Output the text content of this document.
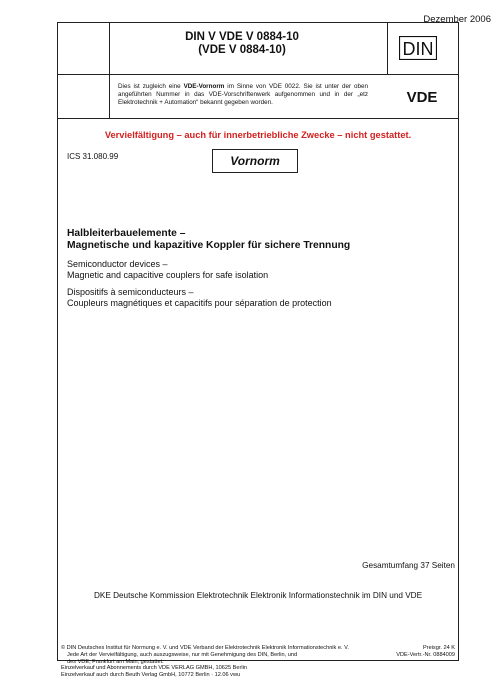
Dezember 2006
DIN V VDE V 0884-10
(VDE V 0884-10)
Dies ist zugleich eine VDE-Vornorm im Sinne von VDE 0022. Sie ist unter der oben angeführten Nummer in das VDE-Vorschriftenwerk aufgenommen und in der „etz Elektrotechnik + Automation“ bekannt gegeben worden.
DIN
VDE
Vervielfältigung – auch für innerbetriebliche Zwecke – nicht gestattet.
ICS 31.080.99	Vornorm
Halbleiterbauelemente –
Magnetische und kapazitive Koppler für sichere Trennung
Semiconductor devices –
Magnetic and capacitive couplers for safe isolation
Dispositifs à semiconducteurs –
Coupleurs magnétiques et capacitifs pour séparation de protection
Gesamtumfang 37 Seiten
DKE Deutsche Kommission Elektrotechnik Elektronik Informationstechnik im DIN und VDE
© DIN Deutsches Institut für Normung e. V. und VDE Verband der Elektrotechnik Elektronik Informationstechnik e. V.
Jede Art der Vervielfältigung, auch auszugsweise, nur mit Genehmigung des DIN, Berlin, und
des VDE, Frankfurt am Main, gestattet.
Einzelverkauf und Abonnements durch VDE VERLAG GMBH, 10625 Berlin
Einzelverkauf auch durch Beuth Verlag GmbH, 10772 Berlin · 12.06 vwu
Preisgr. 24 K
VDE-Vertr.-Nr. 0884009
